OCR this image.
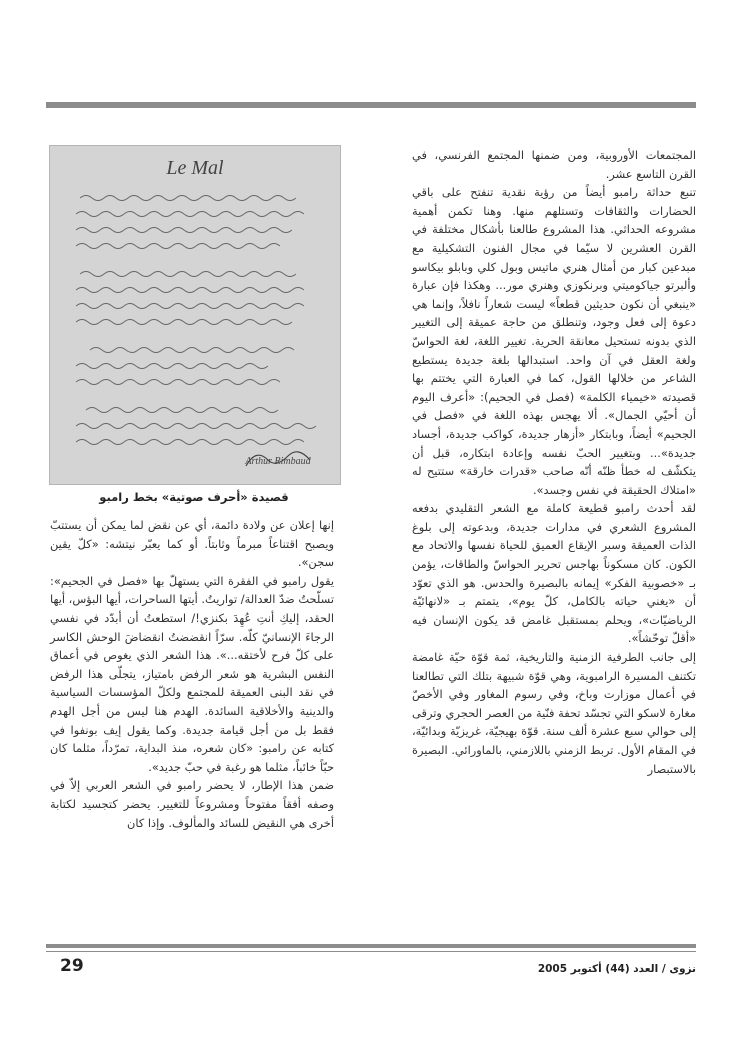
المجتمعات الأوروبية، ومن ضمنها المجتمع الفرنسي، في القرن التاسع عشر.

تنبع حداثة رامبو أيضاً من رؤية نقدية تنفتح على باقي الحضارات والثقافات وتستلهم منها. وهنا تكمن أهمية مشروعه الحداثي. هذا المشروع طالعنا بأشكال مختلفة في القرن العشرين لا سيّما في مجال الفنون التشكيلية مع مبدعين كبار من أمثال هنري ماتيس وبول كلي وبابلو بيكاسو وألبرتو جياكوميتي وبرنكوزي وهنري مور... وهكذا فإن عبارة «ينبغي أن نكون حديثين قطعاً» ليست شعاراً نافلاً، وإنما هي دعوة إلى فعل وجود، وتنطلق من حاجة عميقة إلى التغيير الذي بدونه تستحيل معانقة الحرية. تغيير اللغة، لغة الحواسّ ولغة العقل في آن واحد. استبدالها بلغة جديدة يستطيع الشاعر من خلالها القول، كما في العبارة التي يختتم بها قصيدته «خيمياء الكلمة» (فصل في الجحيم): «أعرف اليوم أن أحيّي الجمال». ألا يهجس بهذه اللغة في «فصل في الجحيم» أيضاً، وبابتكار «أزهار جديدة، كواكب جديدة، أجساد جديدة»... وبتغيير الحبّ نفسه وإعادة ابتكاره، قبل أن يتكشّف له خطأ ظنّه أنّه صاحب «قدرات خارقة» ستتيح له «امتلاك الحقيقة في نفس وجسد».

لقد أحدث رامبو قطيعة كاملة مع الشعر التقليدي بدفعه المشروع الشعري في مدارات جديدة، وبدعوته إلى بلوغ الذات العميقة وسبر الإيقاع العميق للحياة نفسها والاتحاد مع الكون. كان مسكوناً بهاجس تحرير الحواسّ والطاقات، يؤمن بـ «خصوبية الفكر» إيمانه بالبصيرة والحدس. هو الذي تعوّد أن «يغني حياته بالكامل، كلّ يوم»، يتمتم بـ «لانهائيّة الرياضيّات»، ويحلم بمستقبل غامض قد يكون الإنسان فيه «أقلّ توحّشاً».

إلى جانب الطرفية الزمنية والتاريخية، ثمة قوّة حيّة غامضة تكتنف المسيرة الرامبوية، وهي قوّة شبيهة بتلك التي تطالعنا في أعمال موزارت وباخ، وفي رسوم المغاور وفي الأخصّ مغارة لاسكو التي تجسّد تحفة فنّية من العصر الحجري وترقى إلى حوالي سبع عشرة ألف سنة. قوّة بهيجيّة، غريزيّة وبدائيّة، في المقام الأول. تربط الزمني باللازمني، بالماورائي. البصيرة بالاستبصار

Le Mal
Arthur Rimbaud
قصيدة «أحرف صوتية» بخط رامبو

إنها إعلان عن ولادة دائمة، أي عن نقض لما يمكن أن يستتبّ ويصبح اقتناعاً مبرماً وثابتاً. أو كما يعبّر نيتشه: «كلّ يقين سجن».

يقول رامبو في الفقرة التي يستهلّ بها «فصل في الجحيم»: تسلّحتُ ضدّ العدالة/ تواريتُ. أيتها الساحرات، أيها البؤس، أيها الحقد، إليكِ أنتِ عُهِدَ بكنزي!/ استطعتُ أن أبدّد في نفسي الرجاءَ الإنسانيّ كلّه. سرّاً انقضضتُ انقضاضَ الوحش الكاسر على كلّ فرح لأختقه...». هذا الشعر الذي يغوص في أعماق النفس البشرية هو شعر الرفض بامتياز، يتجلّى هذا الرفض في نقد البنى العميقة للمجتمع ولكلّ المؤسسات السياسية والدينية والأخلاقية السائدة. الهدم هنا ليس من أجل الهدم فقط بل من أجل قيامة جديدة. وكما يقول إيف بونفوا في كتابه عن رامبو: «كان شعره، منذ البداية، تمرّداً، مثلما كان حبّاً خائباً، مثلما هو رغبة في حبّ جديد».

ضمن هذا الإطار، لا يحضر رامبو في الشعر العربي إلاّ في وصفه أفقاً مفتوحاً ومشروعاً للتغيير. يحضر كتجسيد لكتابة أخرى هي النقيض للسائد والمألوف. وإذا كان

29	نزوى / العدد (44) أكتوبر 2005
